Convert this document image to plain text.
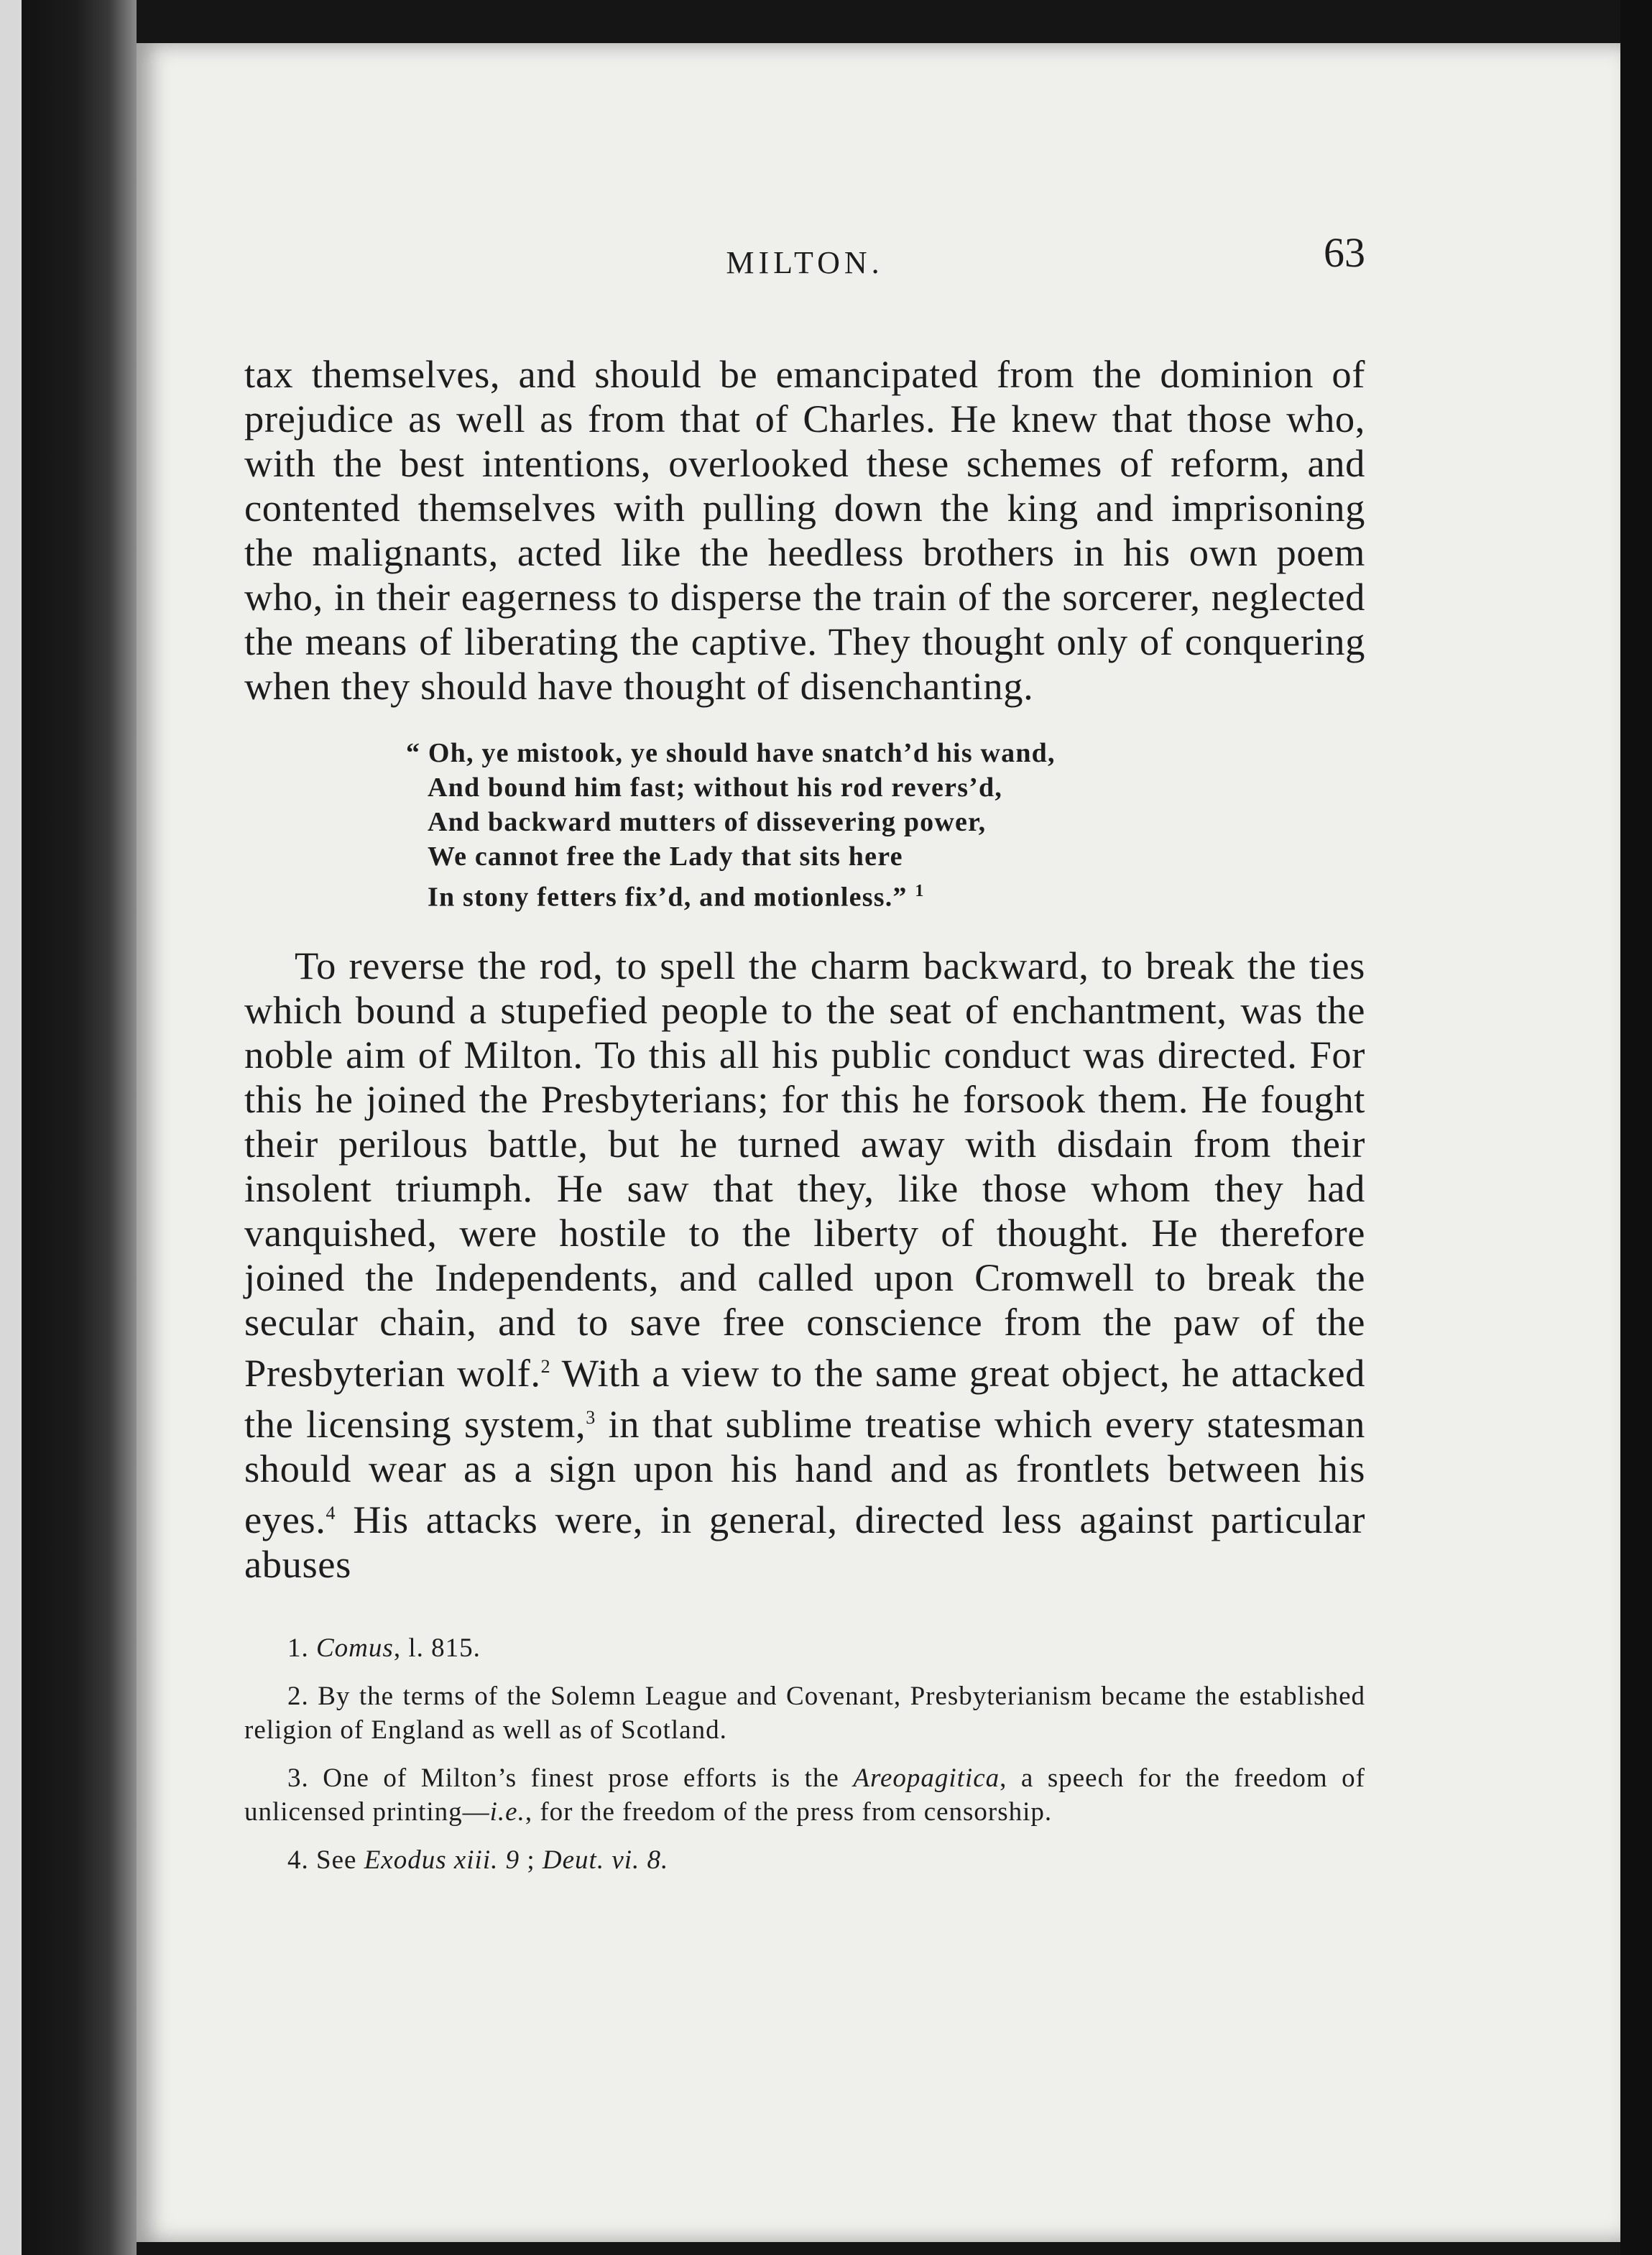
MILTON.	63

tax themselves, and should be emancipated from the dominion of prejudice as well as from that of Charles. He knew that those who, with the best intentions, overlooked these schemes of reform, and contented themselves with pulling down the king and imprisoning the malignants, acted like the heedless brothers in his own poem who, in their eagerness to disperse the train of the sorcerer, neglected the means of liberating the captive. They thought only of conquering when they should have thought of disenchanting.

“ Oh, ye mistook, ye should have snatch’d his wand,
And bound him fast; without his rod revers’d,
And backward mutters of dissevering power,
We cannot free the Lady that sits here
In stony fetters fix’d, and motionless.” $^1$

To reverse the rod, to spell the charm backward, to break the ties which bound a stupefied people to the seat of enchantment, was the noble aim of Milton. To this all his public conduct was directed. For this he joined the Presbyterians; for this he forsook them. He fought their perilous battle, but he turned away with disdain from their insolent triumph. He saw that they, like those whom they had vanquished, were hostile to the liberty of thought. He therefore joined the Independents, and called upon Cromwell to break the secular chain, and to save free conscience from the paw of the Presbyterian wolf.$^2$ With a view to the same great object, he attacked the licensing system,$^3$ in that sublime treatise which every statesman should wear as a sign upon his hand and as frontlets between his eyes.$^4$ His attacks were, in general, directed less against particular abuses

1. Comus, l. 815.

2. By the terms of the Solemn League and Covenant, Presbyterianism became the established religion of England as well as of Scotland.

3. One of Milton’s finest prose efforts is the Areopagitica, a speech for the freedom of unlicensed printing—i.e., for the freedom of the press from censorship.

4. See Exodus xiii. 9 ; Deut. vi. 8.
